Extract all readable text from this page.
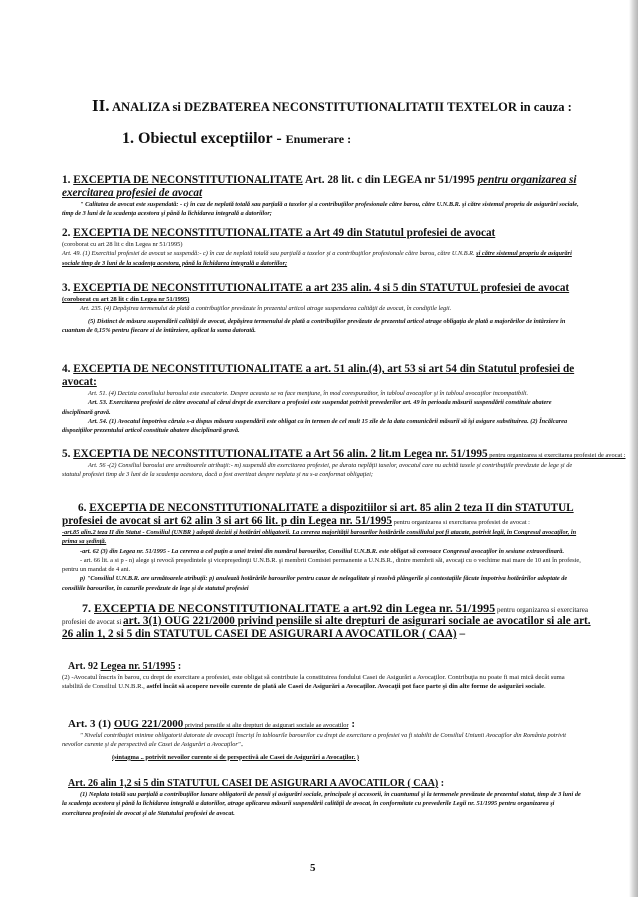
II. ANALIZA si DEZBATEREA NECONSTITUTIONALITATII TEXTELOR in cauza :
1. Obiectul exceptiilor - Enumerare :
1. EXCEPTIA DE NECONSTITUTIONALITATE Art. 28 lit. c din LEGEA nr 51/1995 pentru organizarea si
exercitarea profesiei de avocat
" Calitatea de avocat este suspendată: - c) în caz de neplată totală sau parţială a taxelor şi a contribuţiilor profesionale către barou, către U.N.B.R. şi către sistemul propriu de asigurări sociale, timp de 3 luni de la scadenţa acestora şi până la lichidarea integrală a datoriilor;
2. EXCEPTIA DE NECONSTITUTIONALITATE a Art 49 din Statutul profesiei de avocat
(coroborat cu art 28 lit c din Legea nr 51/1995)
Art. 49. (1) Exercitiul profesiei de avocat se suspendă:- c) în caz de neplată totală sau parţială a taxelor şi a contribuţiilor profesionale către barou, către U.N.B.R. şi către sistemul propriu de asigurări sociale timp de 3 luni de la scadenţa acestora, până la lichidarea integrală a datoriilor;
3. EXCEPTIA DE NECONSTITUTIONALITATE a art 235 alin. 4 si 5 din STATUTUL profesiei de avocat
(coroborat cu art 28 lit c din Legea nr 51/1995)
Art. 235. (4) Depăşirea termenului de plată a contribuţiilor prevăzute în prezentul articol atrage suspendarea calităţii de avocat, în condiţiile legii.
(5) Distinct de măsura suspendării calităţii de avocat, depăşirea termenului de plată a contribuţiilor prevăzute de prezentul articol atrage obligaţia de plată a majorărilor de întârziere în cuantum de 0,15% pentru fiecare zi de întârziere, aplicat la suma datorată.
4. EXCEPTIA DE NECONSTITUTIONALITATE a art. 51 alin.(4), art 53 si art 54 din Statutul profesiei de avocat:
Art. 51. (4) Decizia consiliului baroului este executorie. Despre aceasta se va face menţiune, în mod corespunzător, în tabloul avocaţilor şi în tabloul avocaţilor incompatibili.
Art. 53. Exercitarea profesiei de către avocatul al cărui drept de exercitare a profesiei este suspendat potrivit prevederilor art. 49 în perioada măsurii suspendării constituie abatere disciplinară gravă.
Art. 54. (1) Avocatul împotriva căruia s-a dispus măsura suspendării este obligat ca în termen de cel mult 15 zile de la data comunicării măsurii să îşi asigure substituirea. (2) Încălcarea dispoziţiilor prezentului articol constituie abatere disciplinară gravă.
5. EXCEPTIA DE NECONSTITUTIONALITATE a Art 56 alin. 2 lit.m Legea nr. 51/1995 pentru organizarea si exercitarea profesiei de avocat :
Art. 56 -(2) Consiliul baroului are următoarele atribuţii:- m) suspendă din exercitarea profesiei, pe durata neplăţii taxelor, avocatul care nu achită taxele şi contribuţiile prevăzute de lege şi de statutul profesiei timp de 3 luni de la scadenţa acestora, dacă a fost avertizat despre neplata şi nu s-a conformat obligaţiei;
6. EXCEPTIA DE NECONSTITUTIONALITATE a dispozitiilor si art. 85 alin 2 teza II din STATUTUL
profesiei de avocat si art 62 alin 3 si art 66 lit. p din Legea nr. 51/1995 pentru organizarea si exercitarea profesiei de avocat :
-art.85 alin.2 teza II din Statut - Consiliul (UNBR ) adoptă decizii şi hotărâri obligatorii. La cererea majorităţii barourilor hotărârile consiliului pot fi atacate, potrivit legii, în Congresul avocaţilor, în prima sa şedinţă.
-art. 62 (3) din Legea nr. 51/1995 - La cererea a cel puţin a unei treimi din numărul barourilor, Consiliul U.N.B.R. este obligat să convoace Congresul avocaţilor în sesiune extraordinară.
- art. 66 lit. a si p - n) alege şi revocă preşedintele şi vicepreşedinţii U.N.B.R. şi membrii Comisiei permanente a U.N.B.R., dintre membrii săi, avocaţi cu o vechime mai mare de 10 ani în profesie, pentru un mandat de 4 ani.
p) "Consiliul U.N.B.R. are următoarele atribuţii: p) anulează hotărârile barourilor pentru cauze de nelegalitate şi rezolvă plângerile şi contestaţiile făcute împotriva hotărârilor adoptate de consiliile barourilor, în cazurile prevăzute de lege şi de statutul profesiei
7. EXCEPTIA DE NECONSTITUTIONALITATE a art.92 din Legea nr. 51/1995 pentru organizarea si exercitarea
profesiei de avocat si art. 3(1) OUG 221/2000 privind pensiile si alte drepturi de asigurari sociale ae avocatilor si ale art.
26 alin 1, 2 si 5 din STATUTUL CASEI DE ASIGURARI A AVOCATILOR ( CAA) –
Art. 92 Legea nr. 51/1995 :
(2) -Avocatul înscris în barou, cu drept de exercitare a profesiei, este obligat să contribuie la constituirea fondului Casei de Asigurări a Avocaţilor. Contribuţia nu poate fi mai mică decât suma stabilită de Consiliul U.N.B.R., astfel încât să acopere nevoile curente de plată ale Casei de Asigurări a Avocaţilor. Avocaţii pot face parte şi din alte forme de asigurări sociale.
Art. 3 (1) OUG 221/2000 privind pensiile si alte drepturi de asigurari sociale ae avocatilor :
" Nivelul contribuţiei minime obligatorii datorate de avocaţii înscrişi în tablourile barourilor cu drept de exercitare a profesiei va fi stabilit de Consiliul Uniunii Avocaţilor din România potrivit nevoilor curente şi de perspectivă ale Casei de Asigurări a $Avocaţilor"_"$
(sintagma .. potrivit nevoilor curente si de perspectivă ale Casei de Asigurări a Avocaţilor. )
Art. 26 alin 1,2 si 5 din STATUTUL CASEI DE ASIGURARI A AVOCATILOR ( CAA) :
(1) Neplata totală sau parţială a contribuţiilor lunare obligatorii de pensii şi asigurări sociale, principale şi accesorii, în cuantumul şi la termenele prevăzute de prezentul statut, timp de 3 luni de la scadenţa acestora şi până la lichidarea integrală a datoriilor, atrage aplicarea măsurii suspendării calităţii de avocat, în conformitate cu prevederile Legii nr. 51/1995 pentru organizarea şi exercitarea profesiei de avocat şi ale Statutului profesiei de avocat.
5
